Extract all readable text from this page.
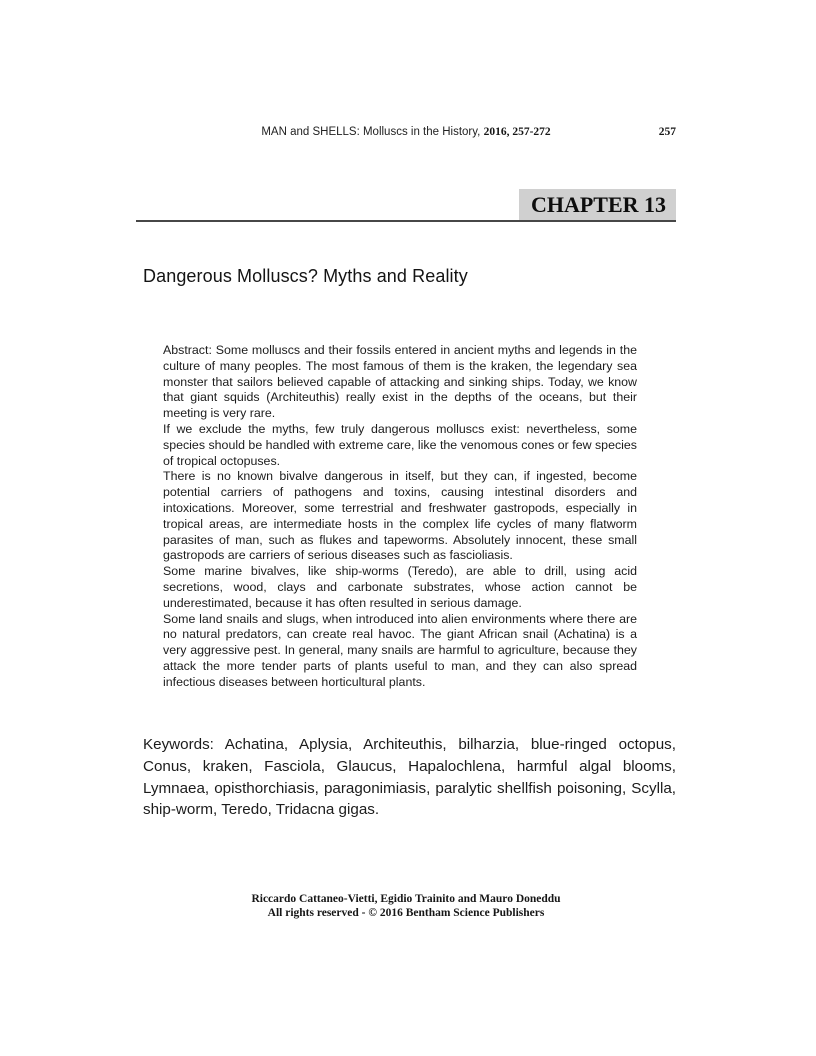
MAN and SHELLS: Molluscs in the History, 2016, 257-272	257
CHAPTER 13
Dangerous Molluscs? Myths and Reality

Abstract: Some molluscs and their fossils entered in ancient myths and legends in the culture of many peoples. The most famous of them is the kraken, the legendary sea monster that sailors believed capable of attacking and sinking ships. Today, we know that giant squids (Architeuthis) really exist in the depths of the oceans, but their meeting is very rare.

If we exclude the myths, few truly dangerous molluscs exist: nevertheless, some species should be handled with extreme care, like the venomous cones or few species of tropical octopuses.

There is no known bivalve dangerous in itself, but they can, if ingested, become potential carriers of pathogens and toxins, causing intestinal disorders and intoxications. Moreover, some terrestrial and freshwater gastropods, especially in tropical areas, are intermediate hosts in the complex life cycles of many flatworm parasites of man, such as flukes and tapeworms. Absolutely innocent, these small gastropods are carriers of serious diseases such as fascioliasis.

Some marine bivalves, like ship-worms (Teredo), are able to drill, using acid secretions, wood, clays and carbonate substrates, whose action cannot be underestimated, because it has often resulted in serious damage.

Some land snails and slugs, when introduced into alien environments where there are no natural predators, can create real havoc. The giant African snail (Achatina) is a very aggressive pest. In general, many snails are harmful to agriculture, because they attack the more tender parts of plants useful to man, and they can also spread infectious diseases between horticultural plants.

Keywords: Achatina, Aplysia, Architeuthis, bilharzia, blue-ringed octopus, Conus, kraken, Fasciola, Glaucus, Hapalochlena, harmful algal blooms, Lymnaea, opisthorchiasis, paragonimiasis, paralytic shellfish poisoning, Scylla, ship-worm, Teredo, Tridacna gigas.
Riccardo Cattaneo-Vietti, Egidio Trainito and Mauro Doneddu
All rights reserved - © 2016 Bentham Science Publishers
